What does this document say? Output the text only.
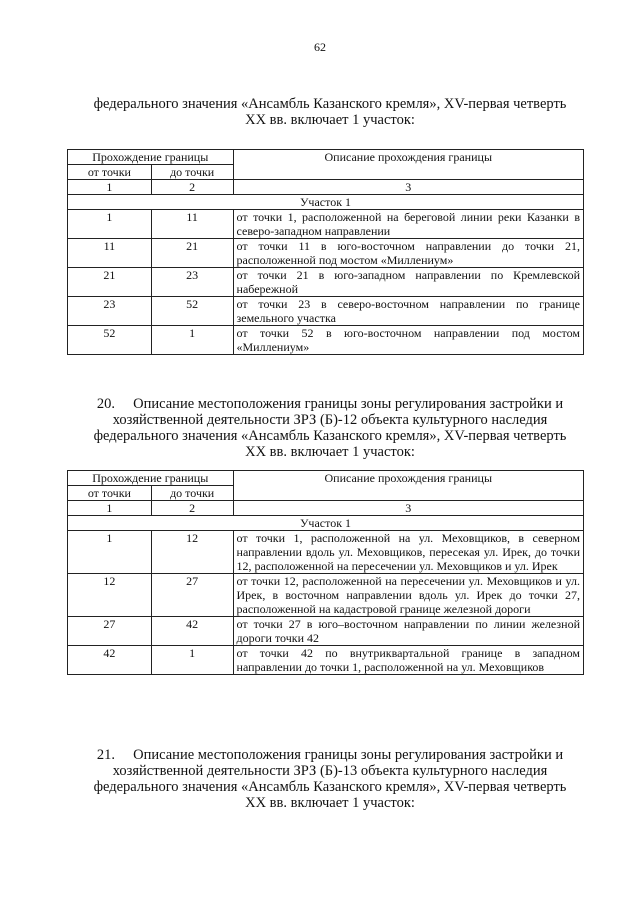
62
федерального значения «Ансамбль Казанского кремля», XV-первая четверть
XX вв. включает 1 участок:
Прохождение границы		Описание прохождения границы
от точки	до точки	
1	2	3
Участок 1		
1	11	от точки 1, расположенной на береговой линии реки Казанки в северо-западном направлении
11	21	от точки 11 в юго-восточном направлении до точки 21, расположенной под мостом «Миллениум»
21	23	от точки 21 в юго-западном направлении по Кремлевской набережной
23	52	от точки 23 в северо-восточном направлении по границе земельного участка
52	1	от точки 52 в юго-восточном направлении под мостом «Миллениум»
20.     Описание местоположения границы зоны регулирования застройки и
хозяйственной деятельности ЗРЗ (Б)-12 объекта культурного наследия
федерального значения «Ансамбль Казанского кремля», XV-первая четверть
XX вв. включает 1 участок:
Прохождение границы		Описание прохождения границы
от точки	до точки	
1	2	3
Участок 1		
1	12	от точки 1, расположенной на ул. Меховщиков, в северном направлении вдоль ул. Меховщиков, пересекая ул. Ирек, до точки 12, расположенной на пересечении ул. Меховщиков и ул. Ирек
12	27	от точки 12, расположенной на пересечении ул. Меховщиков и ул. Ирек, в восточном направлении вдоль ул. Ирек до точки 27, расположенной на кадастровой границе железной дороги
27	42	от точки 27 в юго–восточном направлении по линии железной дороги точки 42
42	1	от точки 42 по внутриквартальной границе в западном направлении до точки 1, расположенной на ул. Меховщиков
21.     Описание местоположения границы зоны регулирования застройки и
хозяйственной деятельности ЗРЗ (Б)-13 объекта культурного наследия
федерального значения «Ансамбль Казанского кремля», XV-первая четверть
XX вв. включает 1 участок:
